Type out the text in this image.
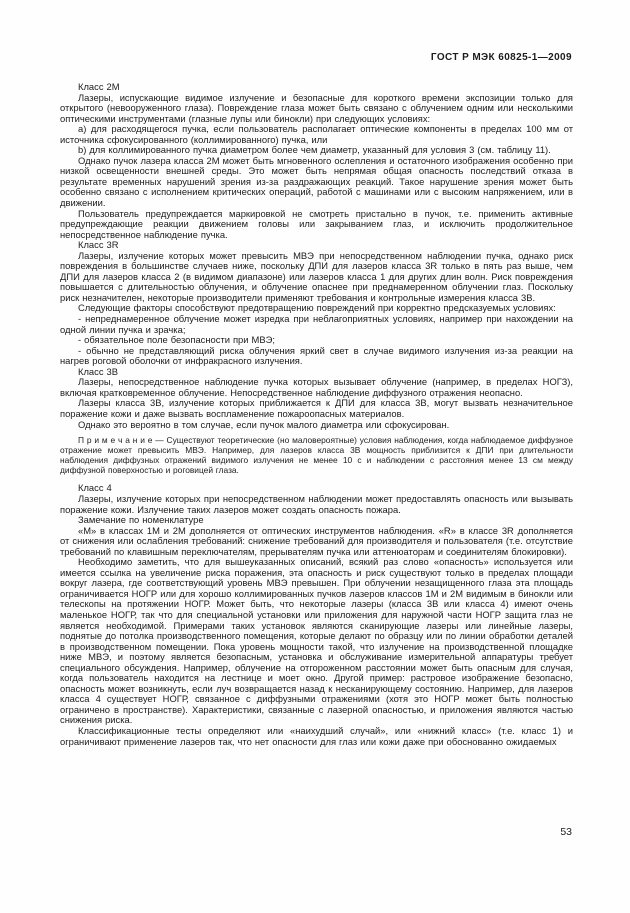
ГОСТ Р МЭК 60825-1—2009

Класс 2М

Лазеры, испускающие видимое излучение и безопасные для короткого времени экспозиции только для открытого (невооруженного глаза). Повреждение глаза может быть связано с облучением одним или несколькими оптическими инструментами (глазные лупы или бинокли) при следующих условиях:

а) для расходящегося пучка, если пользователь располагает оптические компоненты в пределах 100 мм от источника сфокусированного (коллимированного) пучка, или

b) для коллимированного пучка диаметром более чем диаметр, указанный для условия 3 (см. таблицу 11).

Однако пучок лазера класса 2М может быть мгновенного ослепления и остаточного изображения особенно при низкой освещенности внешней среды. Это может быть непрямая общая опасность последствий отказа в результате временных нарушений зрения из-за раздражающих реакций. Такое нарушение зрения может быть особенно связано с исполнением критических операций, работой с машинами или с высоким напряжением, или в движении.

Пользователь предупреждается маркировкой не смотреть пристально в пучок, т.е. применить активные предупреждающие реакции движением головы или закрыванием глаз, и исключить продолжительное непосредственное наблюдение пучка.

Класс 3R

Лазеры, излучение которых может превысить МВЭ при непосредственном наблюдении пучка, однако риск повреждения в большинстве случаев ниже, поскольку ДПИ для лазеров класса 3R только в пять раз выше, чем ДПИ для лазеров класса 2 (в видимом диапазоне) или лазеров класса 1 для других длин волн. Риск повреждения повышается с длительностью облучения, и облучение опаснее при преднамеренном облучении глаз. Поскольку риск незначителен, некоторые производители применяют требования и контрольные измерения класса 3В.

Следующие факторы способствуют предотвращению повреждений при корректно предсказуемых условиях:

- непреднамеренное облучение может изредка при неблагоприятных условиях, например при нахождении на одной линии пучка и зрачка;

- обязательное поле безопасности при МВЭ;

- обычно не представляющий риска облучения яркий свет в случае видимого излучения из-за реакции на нагрев роговой оболочки от инфракрасного излучения.

Класс 3В

Лазеры, непосредственное наблюдение пучка которых вызывает облучение (например, в пределах НОГЗ), включая кратковременное облучение. Непосредственное наблюдение диффузного отражения неопасно.

Лазеры класса 3В, излучение которых приближается к ДПИ для класса 3В, могут вызвать незначительное поражение кожи и даже вызвать воспламенение пожароопасных материалов.

Однако это вероятно в том случае, если пучок малого диаметра или сфокусирован.

П р и м е ч а н и е — Существуют теоретические (но маловероятные) условия наблюдения, когда наблюдаемое диффузное отражение может превысить МВЭ. Например, для лазеров класса 3В мощность приблизится к ДПИ при длительности наблюдения диффузных отражений видимого излучения не менее 10 с и наблюдении с расстояния менее 13 см между диффузной поверхностью и роговицей глаза.

Класс 4

Лазеры, излучение которых при непосредственном наблюдении может предоставлять опасность или вызывать поражение кожи. Излучение таких лазеров может создать опасность пожара.

Замечание по номенклатуре

«М» в классах 1М и 2М дополняется от оптических инструментов наблюдения. «R» в классе 3R дополняется от снижения или ослабления требований: снижение требований для производителя и пользователя (т.е. отсутствие требований по клавишным переключателям, прерывателям пучка или аттенюаторам и соединителям блокировки).

Необходимо заметить, что для вышеуказанных описаний, всякий раз слово «опасность» используется или имеется ссылка на увеличение риска поражения, эта опасность и риск существуют только в пределах площади вокруг лазера, где соответствующий уровень МВЭ превышен. При облучении незащищенного глаза эта площадь ограничивается НОГР или для хорошо коллимированных пучков лазеров классов 1М и 2М видимым в бинокли или телескопы на протяжении НОГР. Может быть, что некоторые лазеры (класса 3В или класса 4) имеют очень маленькое НОГР, так что для специальной установки или приложения для наружной части НОГР защита глаз не является необходимой. Примерами таких установок являются сканирующие лазеры или линейные лазеры, поднятые до потолка производственного помещения, которые делают по образцу или по линии обработки деталей в производственном помещении. Пока уровень мощности такой, что излучение на производственной площадке ниже МВЭ, и поэтому является безопасным, установка и обслуживание измерительной аппаратуры требует специального обсуждения. Например, облучение на отгороженном расстоянии может быть опасным для случая, когда пользователь находится на лестнице и моет окно. Другой пример: растровое изображение безопасно, опасность может возникнуть, если луч возвращается назад к несканирующему состоянию. Например, для лазеров класса 4 существует НОГР, связанное с диффузными отражениями (хотя это НОГР может быть полностью ограничено в пространстве). Характеристики, связанные с лазерной опасностью, и приложения являются частью снижения риска.

Классификационные тесты определяют или «наихудший случай», или «нижний класс» (т.е. класс 1) и ограничивают применение лазеров так, что нет опасности для глаз или кожи даже при обоснованно ожидаемых

53
